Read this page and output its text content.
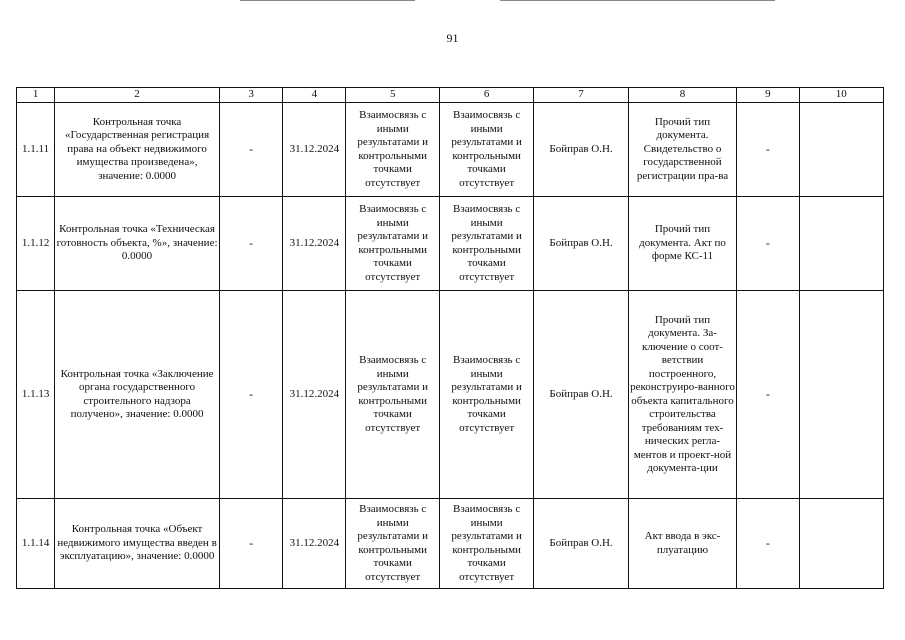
91
1	2	3	4	5	6	7	8	9	10
1.1.11	Контрольная точка «Государственная регистрация права на объект недвижимого имущества произведена», значение: 0.0000	-	31.12.2024	Взаимосвязь с иными результатами и контрольными точками отсутствует	Взаимосвязь с иными результатами и контрольными точками отсутствует	Бойправ О.Н.	Прочий тип документа. Свидетельство о государственной регистрации пра-ва	-	
1.1.12	Контрольная точка «Техническая готовность объекта, %», значение: 0.0000	-	31.12.2024	Взаимосвязь с иными результатами и контрольными точками отсутствует	Взаимосвязь с иными результатами и контрольными точками отсутствует	Бойправ О.Н.	Прочий тип документа. Акт по форме КС-11	-	
1.1.13	Контрольная точка «Заключение органа государственного строительного надзора получено», значение: 0.0000	-	31.12.2024	Взаимосвязь с иными результатами и контрольными точками отсутствует	Взаимосвязь с иными результатами и контрольными точками отсутствует	Бойправ О.Н.	Прочий тип документа. За-ключение о соот-ветствии построенного, реконструиро-ванного объекта капитального строительства требованиям тех-нических регла-ментов и проект-ной документа-ции	-	
1.1.14	Контрольная точка «Объект недвижимого имущества введен в эксплуатацию», значение: 0.0000	-	31.12.2024	Взаимосвязь с иными результатами и контрольными точками отсутствует	Взаимосвязь с иными результатами и контрольными точками отсутствует	Бойправ О.Н.	Акт ввода в экс-плуатацию	-	
